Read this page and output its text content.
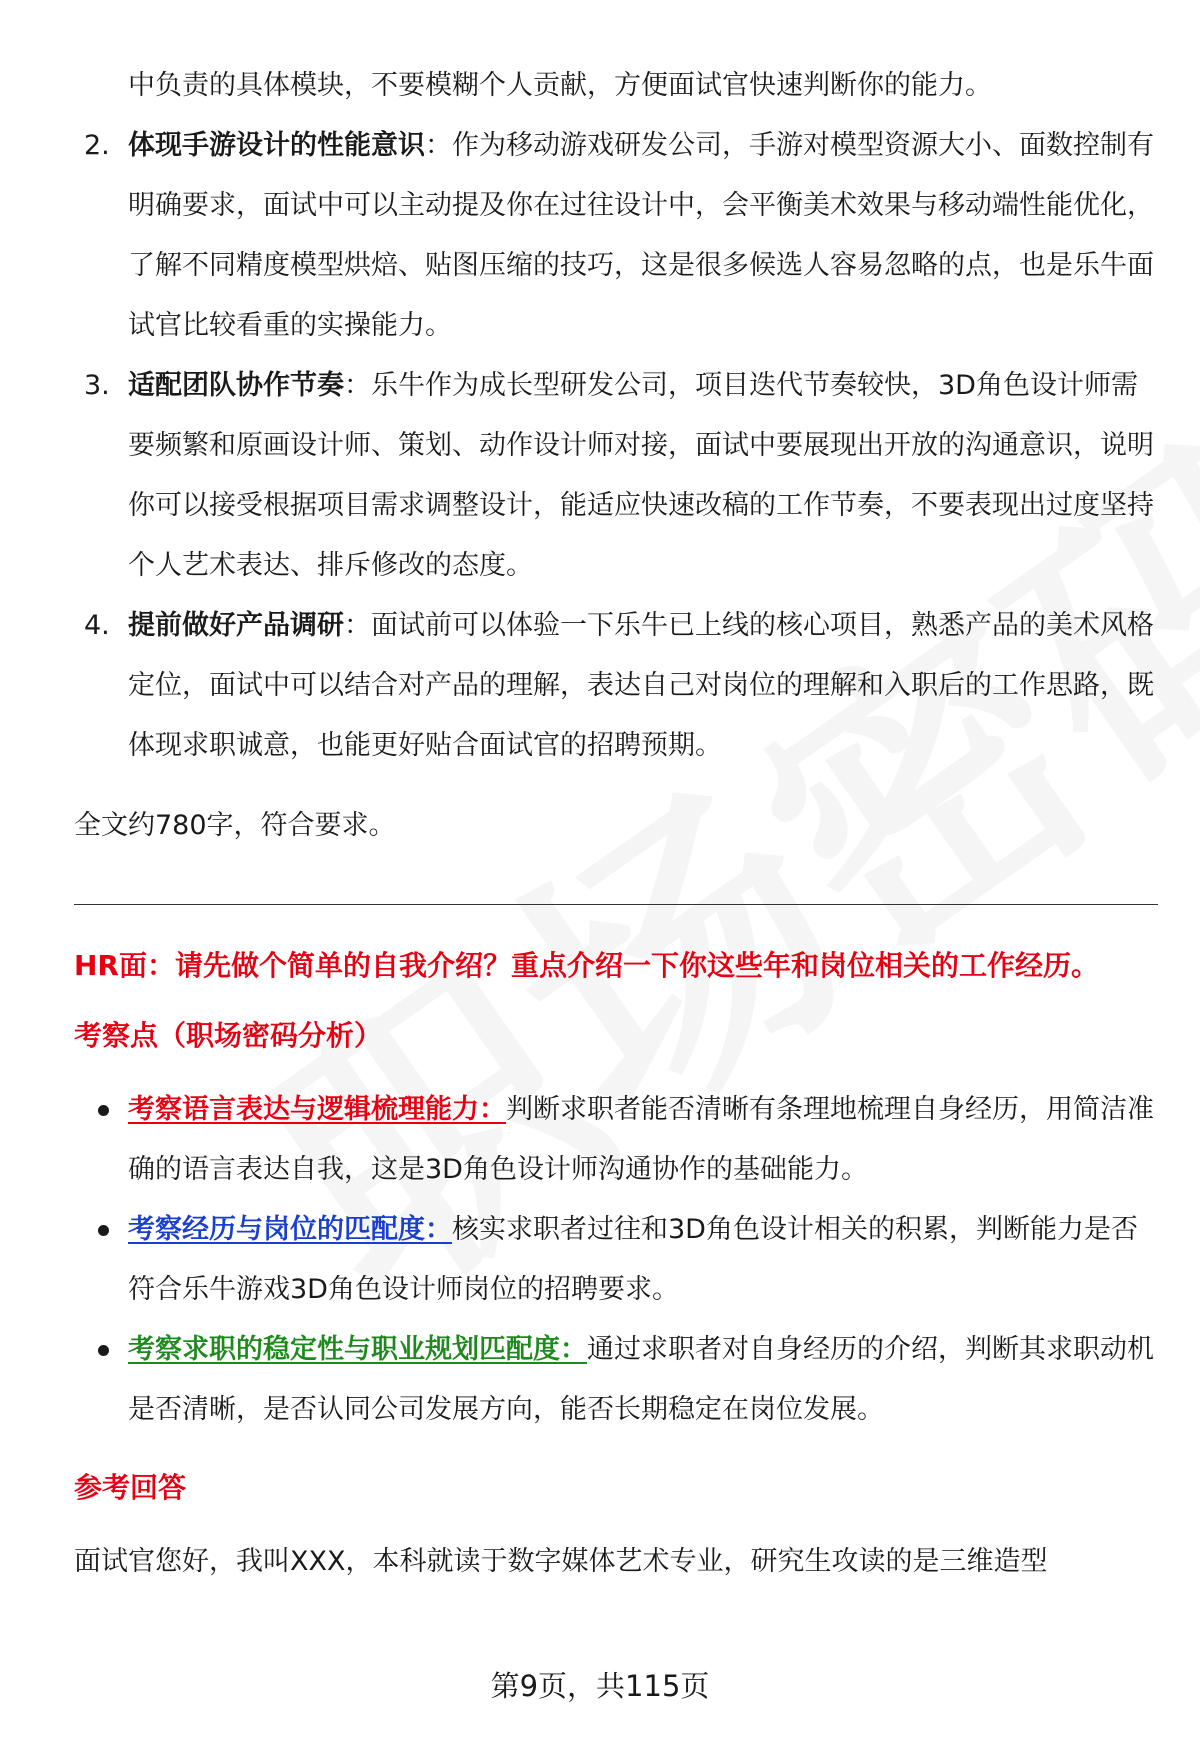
中负责的具体模块，不要模糊个人贡献，方便面试官快速判断你的能力。
2. 体现手游设计的性能意识：作为移动游戏研发公司，手游对模型资源大小、面数控制有明确要求，面试中可以主动提及你在过往设计中，会平衡美术效果与移动端性能优化，了解不同精度模型烘焙、贴图压缩的技巧，这是很多候选人容易忽略的点，也是乐牛面试官比较看重的实操能力。
3. 适配团队协作节奏：乐牛作为成长型研发公司，项目迭代节奏较快，3D角色设计师需要频繁和原画设计师、策划、动作设计师对接，面试中要展现出开放的沟通意识，说明你可以接受根据项目需求调整设计，能适应快速改稿的工作节奏，不要表现出过度坚持个人艺术表达、排斥修改的态度。
4. 提前做好产品调研：面试前可以体验一下乐牛已上线的核心项目，熟悉产品的美术风格定位，面试中可以结合对产品的理解，表达自己对岗位的理解和入职后的工作思路，既体现求职诚意，也能更好贴合面试官的招聘预期。
全文约780字，符合要求。

HR面：请先做个简单的自我介绍？重点介绍一下你这些年和岗位相关的工作经历。

考察点（职场密码分析）

考察语言表达与逻辑梳理能力：判断求职者能否清晰有条理地梳理自身经历，用简洁准确的语言表达自我，这是3D角色设计师沟通协作的基础能力。
考察经历与岗位的匹配度：核实求职者过往和3D角色设计相关的积累，判断能力是否符合乐牛游戏3D角色设计师岗位的招聘要求。
考察求职的稳定性与职业规划匹配度：通过求职者对自身经历的介绍，判断其求职动机是否清晰，是否认同公司发展方向，能否长期稳定在岗位发展。

参考回答

面试官您好，我叫XXX，本科就读于数字媒体艺术专业，研究生攻读的是三维造型
第9页，共115页
